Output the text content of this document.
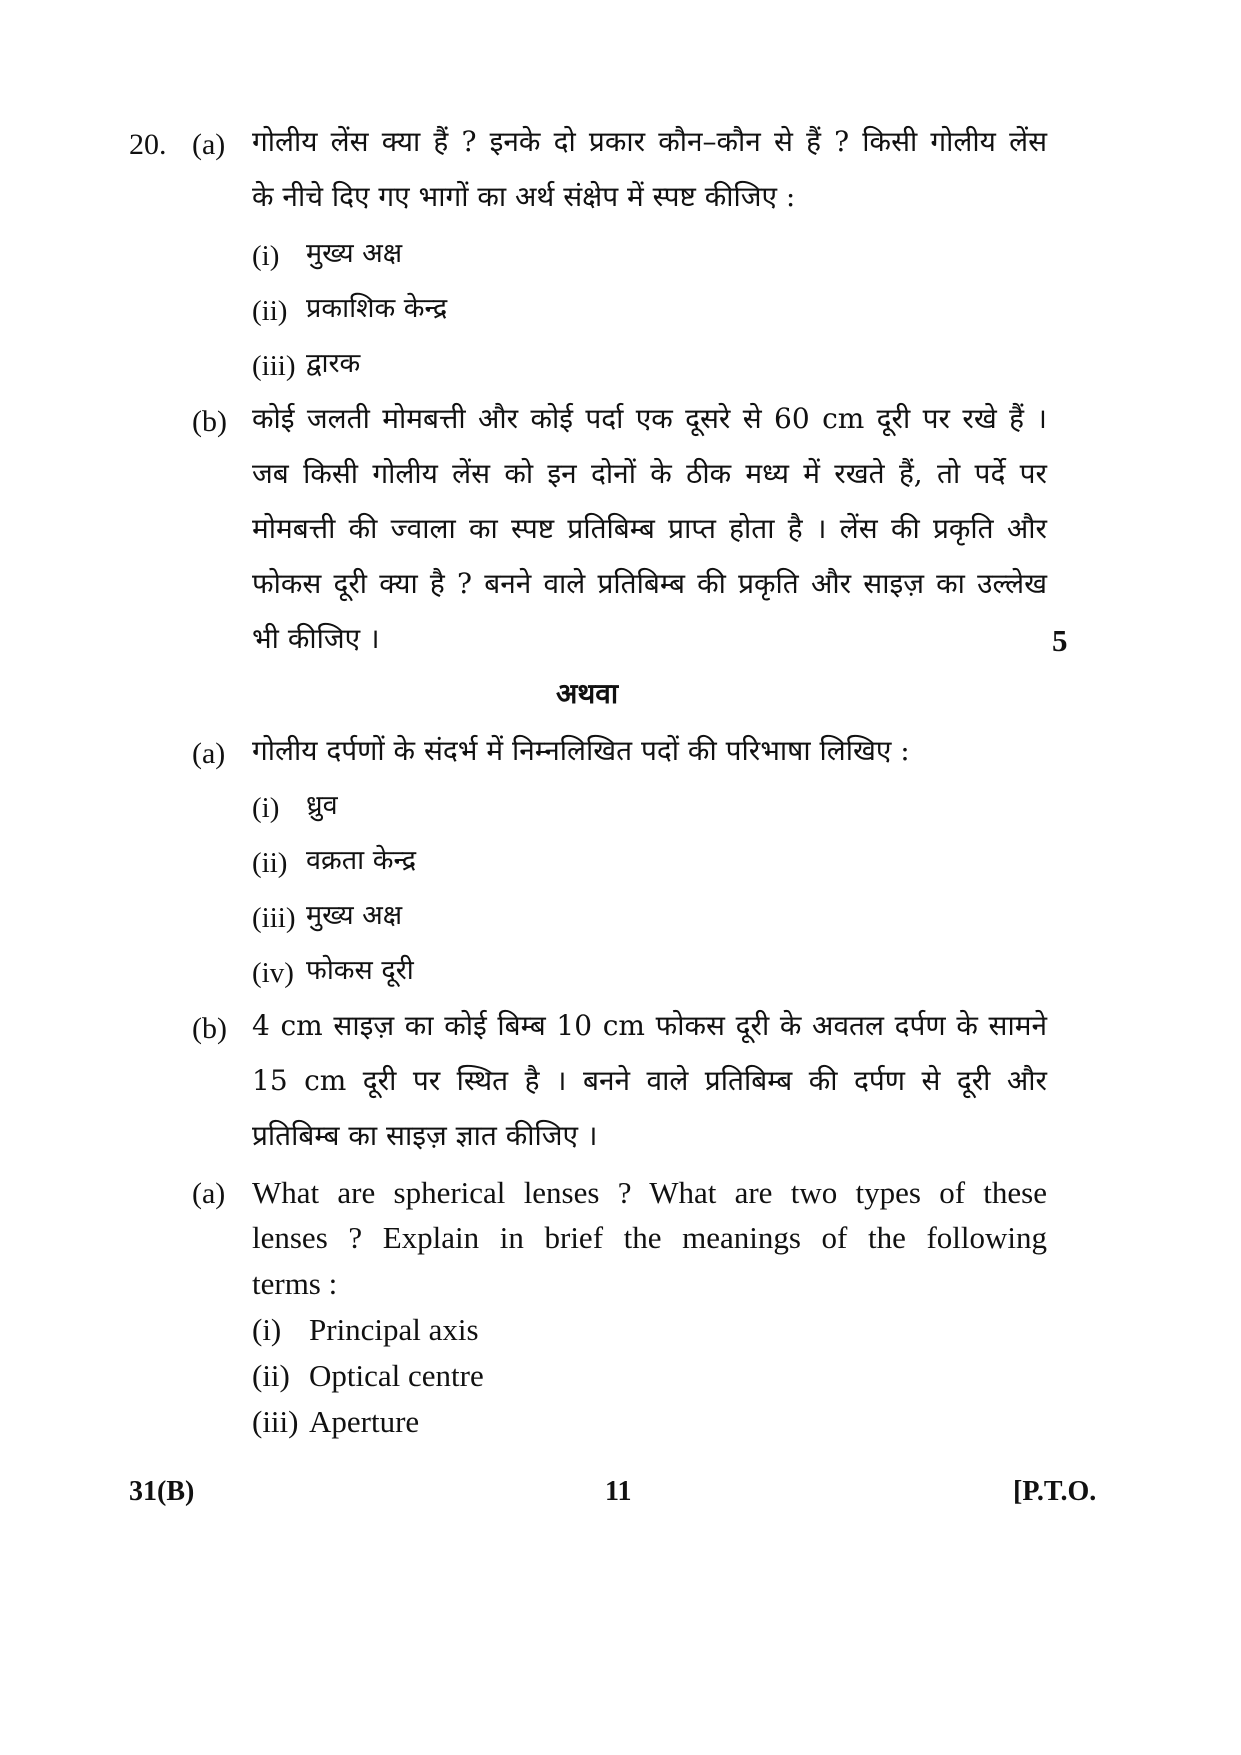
20. (a) गोलीय लेंस क्या हैं ? इनके दो प्रकार कौन–कौन से हैं ? किसी गोलीय लेंस
के नीचे दिए गए भागों का अर्थ संक्षेप में स्पष्ट कीजिए :
(i) मुख्य अक्ष
(ii) प्रकाशिक केन्द्र
(iii) द्वारक
(b) कोई जलती मोमबत्ती और कोई पर्दा एक दूसरे से 60 cm दूरी पर रखे हैं ।
जब किसी गोलीय लेंस को इन दोनों के ठीक मध्य में रखते हैं, तो पर्दे पर
मोमबत्ती की ज्वाला का स्पष्ट प्रतिबिम्ब प्राप्त होता है । लेंस की प्रकृति और
फोकस दूरी क्या है ? बनने वाले प्रतिबिम्ब की प्रकृति और साइज़ का उल्लेख
भी कीजिए ।	5
अथवा
(a) गोलीय दर्पणों के संदर्भ में निम्नलिखित पदों की परिभाषा लिखिए :
(i) ध्रुव
(ii) वक्रता केन्द्र
(iii) मुख्य अक्ष
(iv) फोकस दूरी
(b) 4 cm साइज़ का कोई बिम्ब 10 cm फोकस दूरी के अवतल दर्पण के सामने
15 cm दूरी पर स्थित है । बनने वाले प्रतिबिम्ब की दर्पण से दूरी और
प्रतिबिम्ब का साइज़ ज्ञात कीजिए ।
(a) What are spherical lenses ? What are two types of these
lenses ? Explain in brief the meanings of the following
terms :
(i) Principal axis
(ii) Optical centre
(iii) Aperture
31(B)	11	[P.T.O.
